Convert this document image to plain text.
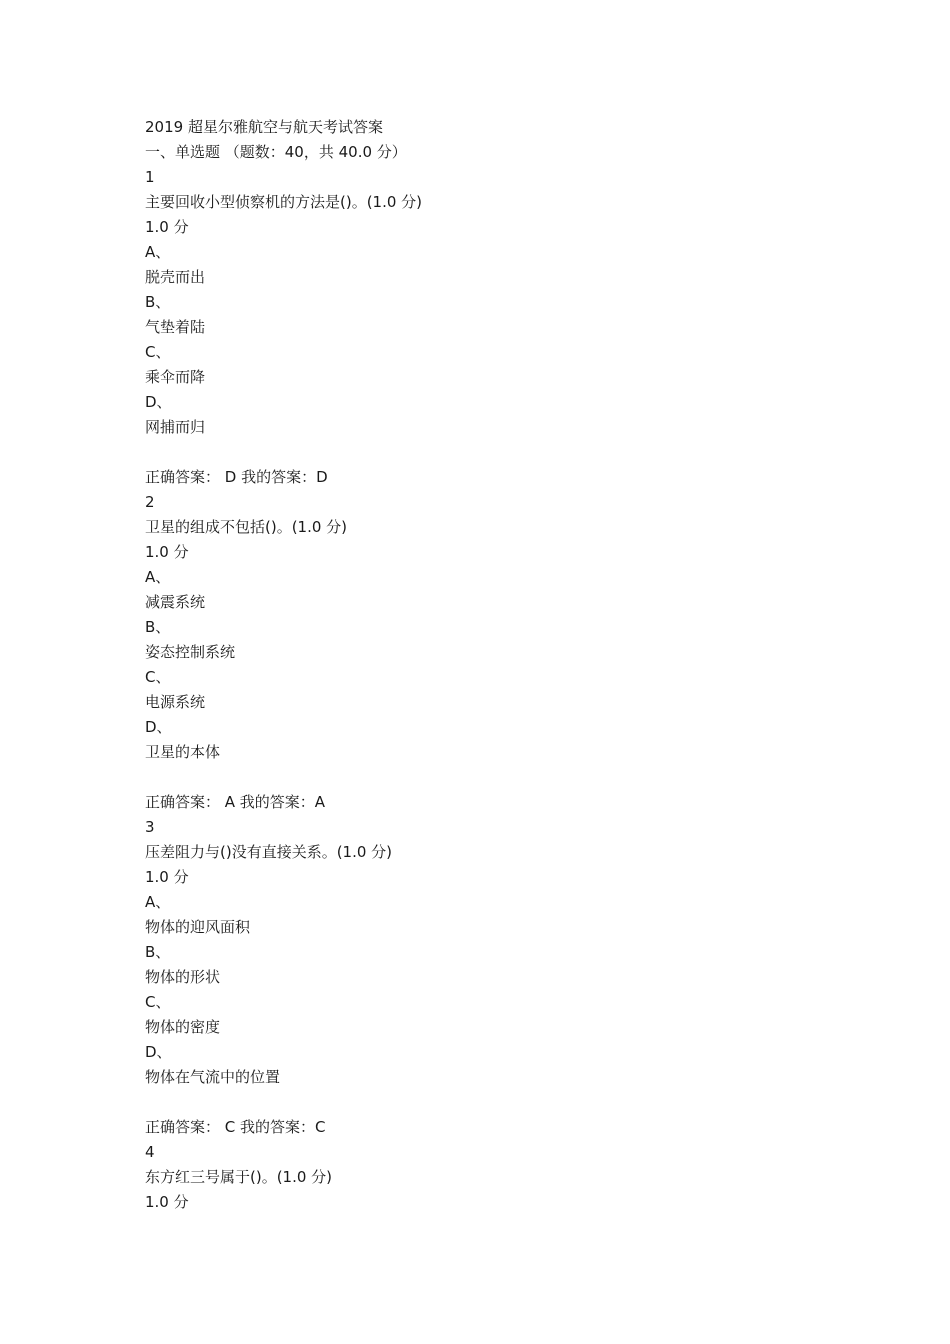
2019 超星尔雅航空与航天考试答案
一、单选题 （题数：40，共 40.0 分）
1
主要回收小型侦察机的方法是()。(1.0 分)
1.0 分
A、
脱壳而出
B、
气垫着陆
C、
乘伞而降
D、
网捕而归
正确答案： D 我的答案：D
2
卫星的组成不包括()。(1.0 分)
1.0 分
A、
减震系统
B、
姿态控制系统
C、
电源系统
D、
卫星的本体
正确答案： A 我的答案：A
3
压差阻力与()没有直接关系。(1.0 分)
1.0 分
A、
物体的迎风面积
B、
物体的形状
C、
物体的密度
D、
物体在气流中的位置
正确答案： C 我的答案：C
4
东方红三号属于()。(1.0 分)
1.0 分
